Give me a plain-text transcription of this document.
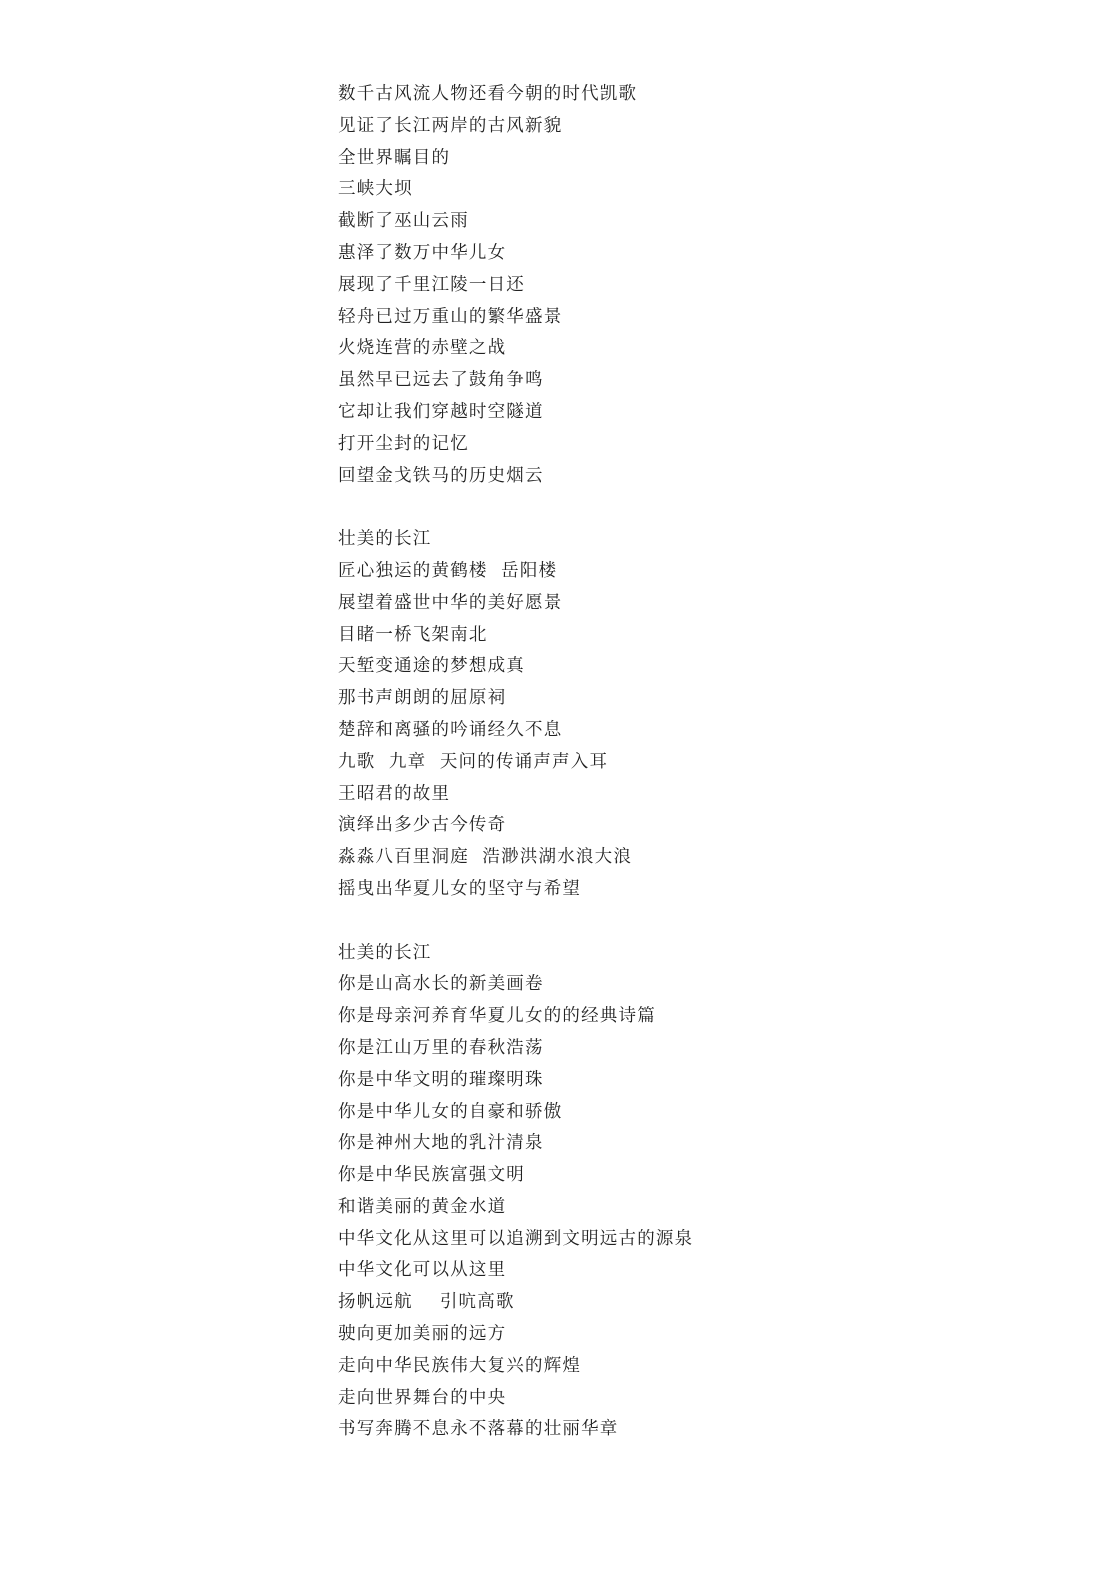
数千古风流人物还看今朝的时代凯歌
见证了长江两岸的古风新貌
全世界瞩目的
三峡大坝
截断了巫山云雨
惠泽了数万中华儿女
展现了千里江陵一日还
轻舟已过万重山的繁华盛景
火烧连营的赤壁之战
虽然早已远去了鼓角争鸣
它却让我们穿越时空隧道
打开尘封的记忆
回望金戈铁马的历史烟云
壮美的长江
匠心独运的黄鹤楼  岳阳楼
展望着盛世中华的美好愿景
目睹一桥飞架南北
天堑变通途的梦想成真
那书声朗朗的屈原祠
楚辞和离骚的吟诵经久不息
九歌  九章  天问的传诵声声入耳
王昭君的故里
演绎出多少古今传奇
淼淼八百里洞庭  浩渺洪湖水浪大浪
摇曳出华夏儿女的坚守与希望
壮美的长江
你是山高水长的新美画卷
你是母亲河养育华夏儿女的的经典诗篇
你是江山万里的春秋浩荡
你是中华文明的璀璨明珠
你是中华儿女的自豪和骄傲
你是神州大地的乳汁清泉
你是中华民族富强文明
和谐美丽的黄金水道
中华文化从这里可以追溯到文明远古的源泉
中华文化可以从这里
扬帆远航    引吭高歌
驶向更加美丽的远方
走向中华民族伟大复兴的辉煌
走向世界舞台的中央
书写奔腾不息永不落幕的壮丽华章
